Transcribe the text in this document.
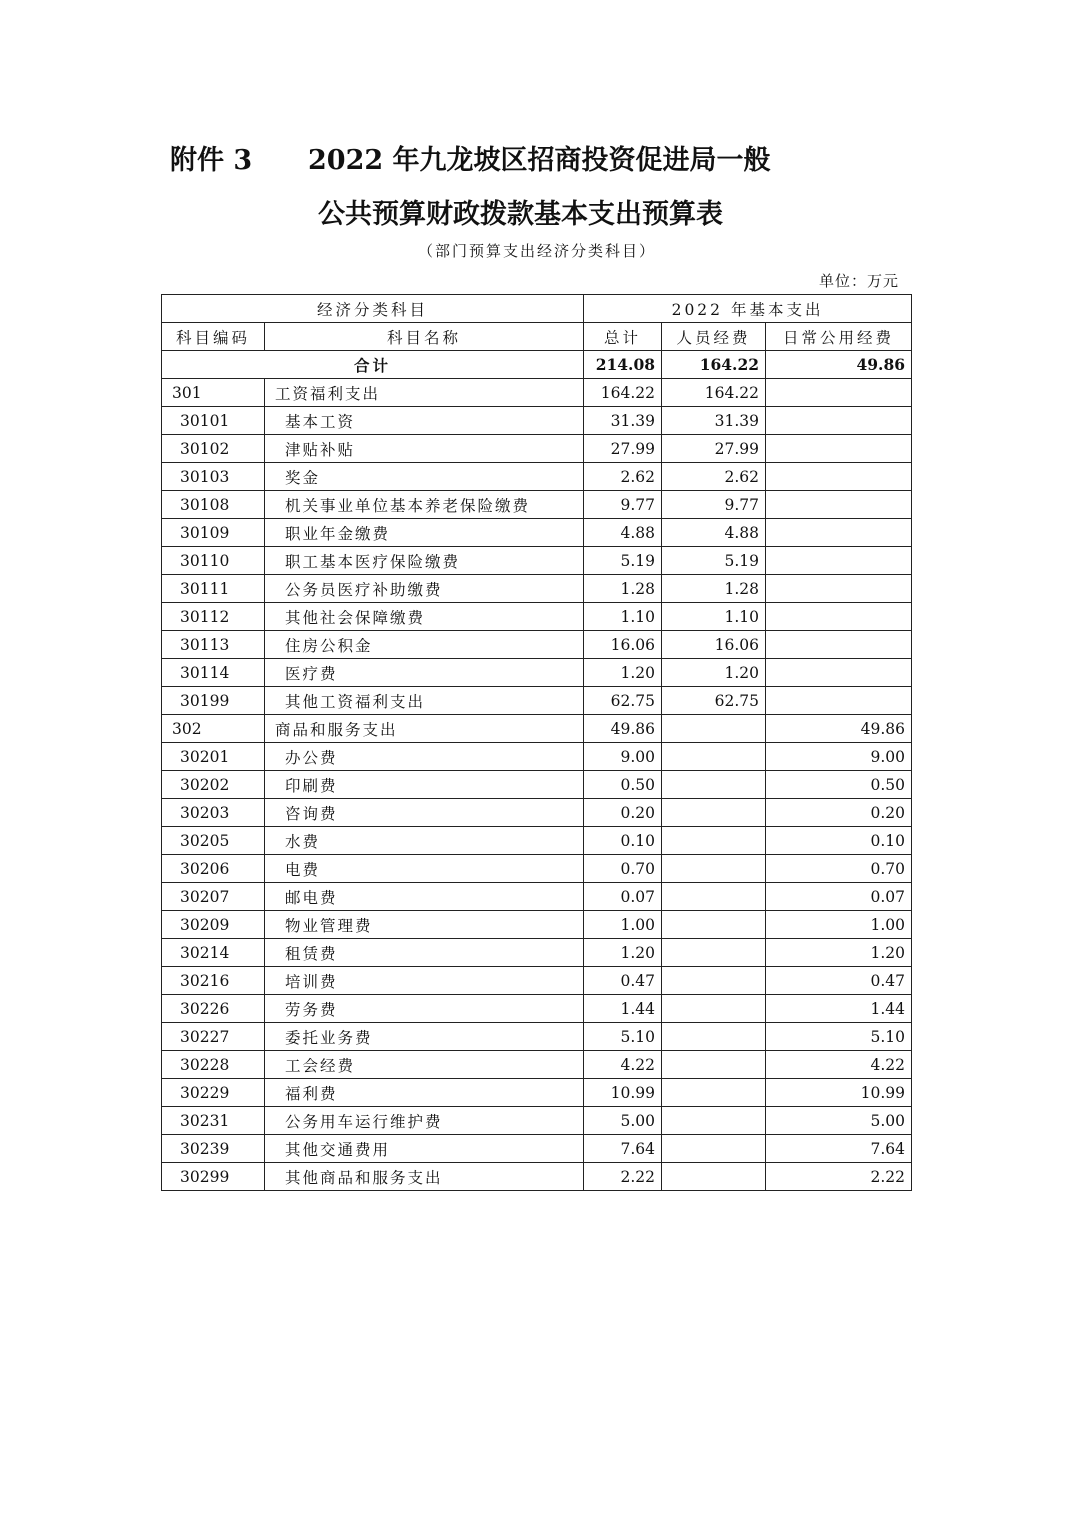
附件 3 2022 年九龙坡区招商投资促进局一般
公共预算财政拨款基本支出预算表
（部门预算支出经济分类科目）
单位：万元
经济分类科目		2022 年基本支出		
科目编码	科目名称	总计	人员经费	日常公用经费
合计		214.08	164.22	49.86
301	工资福利支出	164.22	164.22	
30101	基本工资	31.39	31.39	
30102	津贴补贴	27.99	27.99	
30103	奖金	2.62	2.62	
30108	机关事业单位基本养老保险缴费	9.77	9.77	
30109	职业年金缴费	4.88	4.88	
30110	职工基本医疗保险缴费	5.19	5.19	
30111	公务员医疗补助缴费	1.28	1.28	
30112	其他社会保障缴费	1.10	1.10	
30113	住房公积金	16.06	16.06	
30114	医疗费	1.20	1.20	
30199	其他工资福利支出	62.75	62.75	
302	商品和服务支出	49.86		49.86
30201	办公费	9.00		9.00
30202	印刷费	0.50		0.50
30203	咨询费	0.20		0.20
30205	水费	0.10		0.10
30206	电费	0.70		0.70
30207	邮电费	0.07		0.07
30209	物业管理费	1.00		1.00
30214	租赁费	1.20		1.20
30216	培训费	0.47		0.47
30226	劳务费	1.44		1.44
30227	委托业务费	5.10		5.10
30228	工会经费	4.22		4.22
30229	福利费	10.99		10.99
30231	公务用车运行维护费	5.00		5.00
30239	其他交通费用	7.64		7.64
30299	其他商品和服务支出	2.22		2.22
